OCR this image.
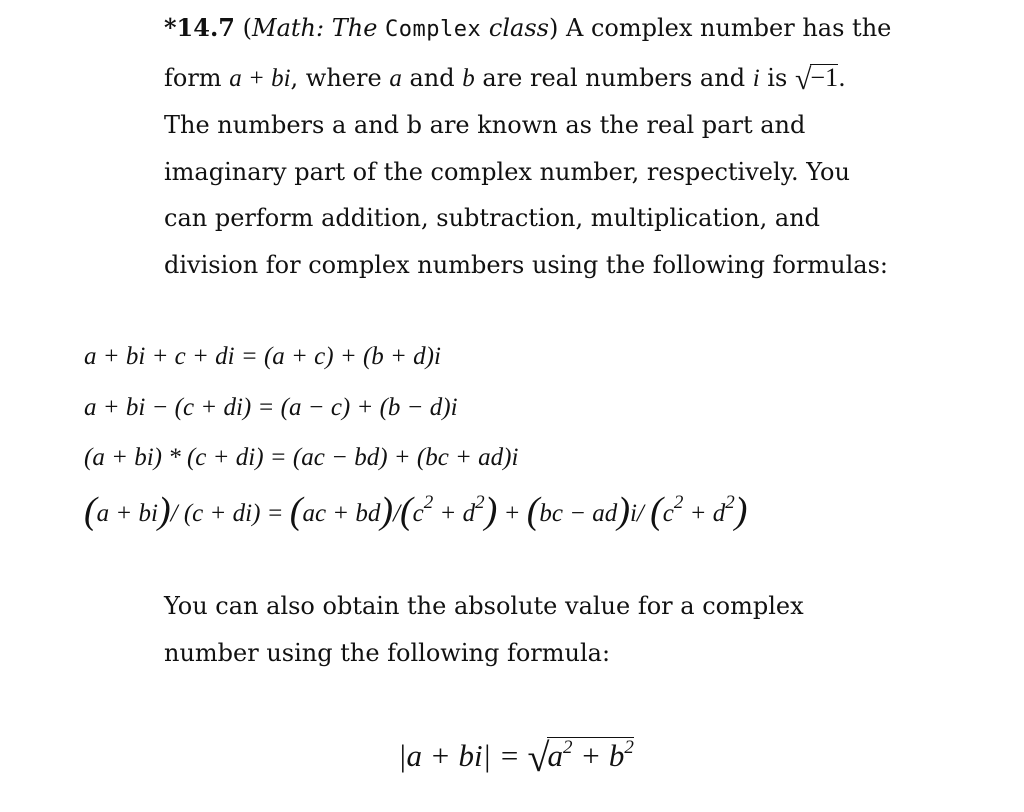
*14.7 (Math: The Complex class) A complex number has the
form a + bi, where a and b are real numbers and i is √−1.
The numbers a and b are known as the real part and
imaginary part of the complex number, respectively. You
can perform addition, subtraction, multiplication, and
division for complex numbers using the following formulas:
a + bi + c + di = (a + c) + (b + d)i
a + bi − (c + di) = (a − c) + (b − d)i
(a + bi) * (c + di) = (ac − bd) + (bc + ad)i
(a + bi)/ $(c + di) = (ac + bd)/(c^2 + d^2) + (bc - ad)i/$ $(c^2 + d^2)$
You can also obtain the absolute value for a complex
number using the following formula:
$|a + bi| = √a^2 + b^2$
